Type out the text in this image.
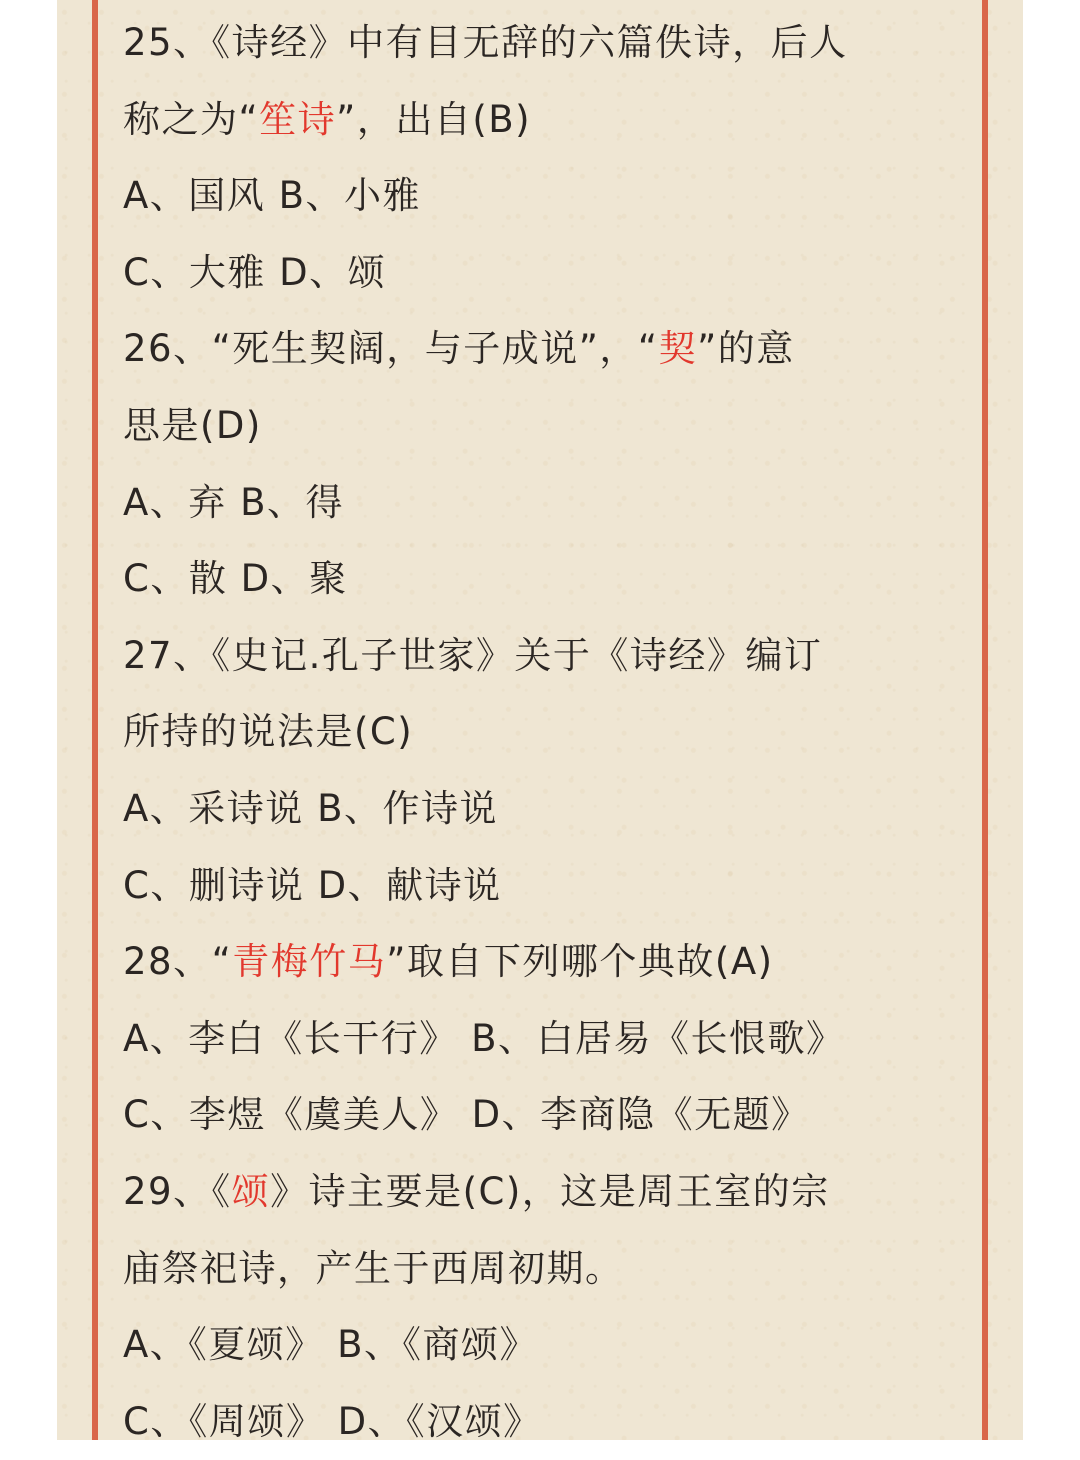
25、《诗经》中有目无辞的六篇佚诗，后人
称之为“笙诗”，出自(B)
A、国风 B、小雅
C、大雅 D、颂
26、“死生契阔，与子成说”，“契”的意
思是(D)
A、弃 B、得
C、散 D、聚
27、《史记.孔子世家》关于《诗经》编订
所持的说法是(C)
A、采诗说 B、作诗说
C、删诗说 D、献诗说
28、“青梅竹马”取自下列哪个典故(A)
A、李白《长干行》 B、白居易《长恨歌》
C、李煜《虞美人》 D、李商隐《无题》
29、《颂》诗主要是(C)，这是周王室的宗
庙祭祀诗，产生于西周初期。
A、《夏颂》 B、《商颂》
C、《周颂》 D、《汉颂》
